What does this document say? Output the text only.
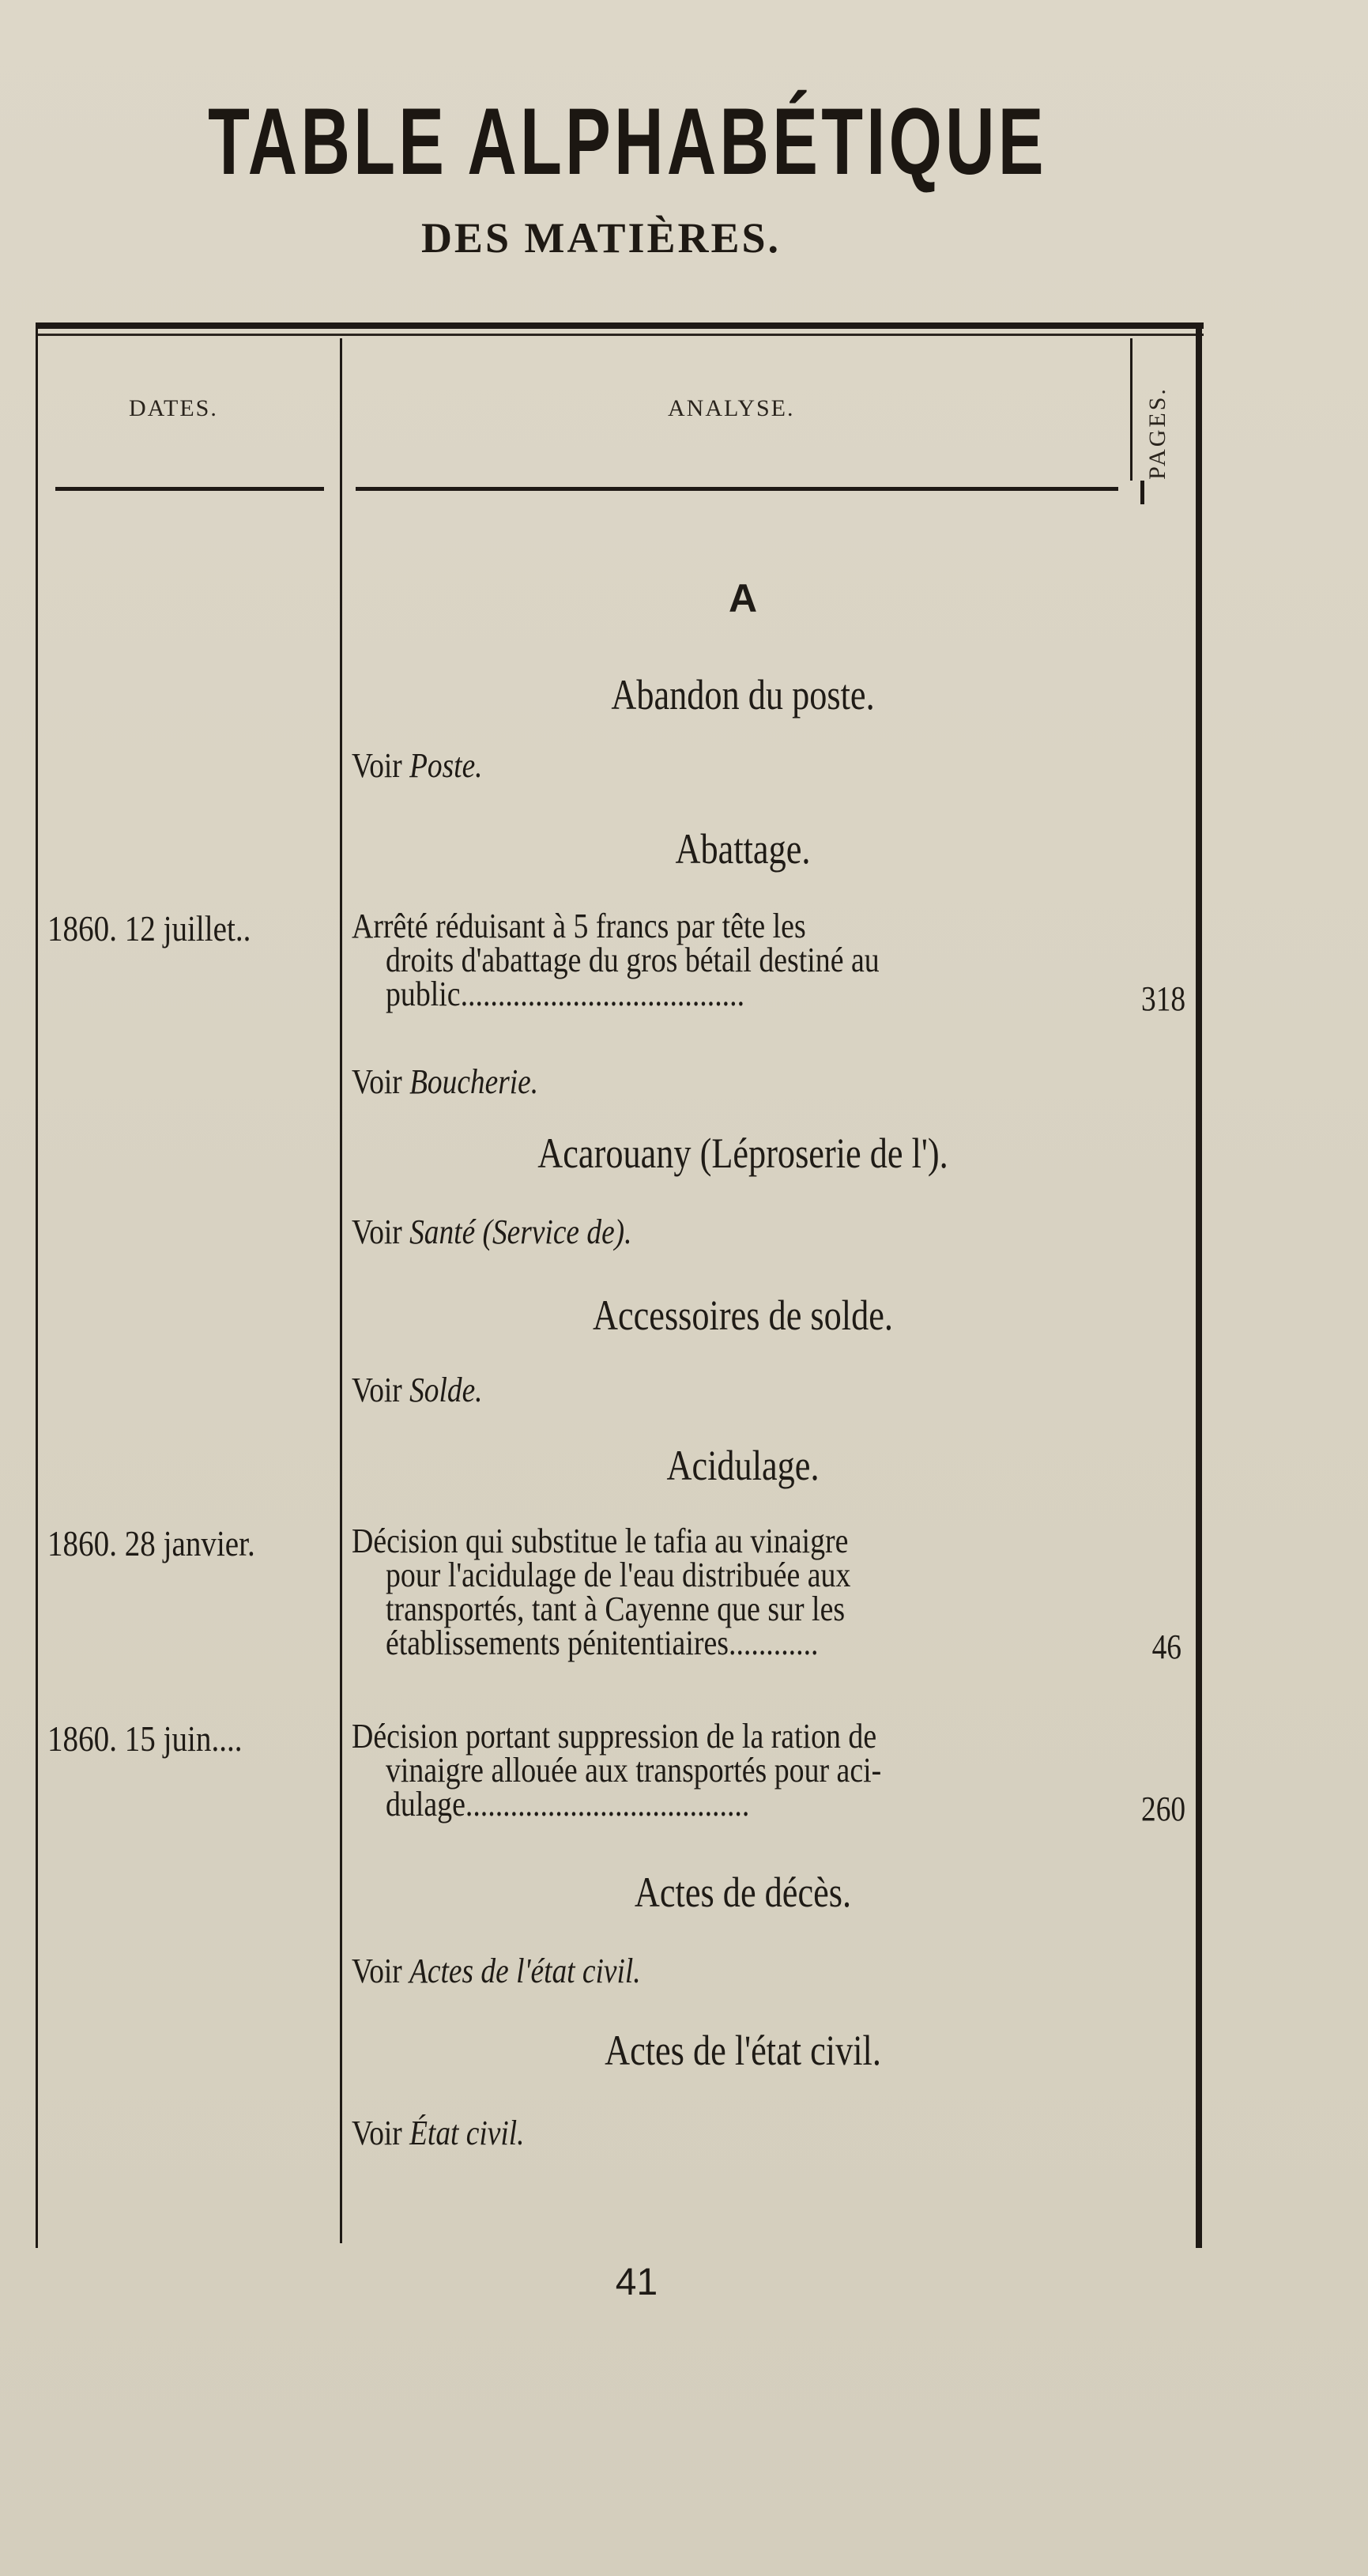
TABLE ALPHABÉTIQUE
DES MATIÈRES.
DATES.	ANALYSE.	PAGES.
A
Abandon du poste.
Voir Poste.
Abattage.
1860. 12 juillet..	Arrêté réduisant à 5 francs par tête les
droits d'abattage du gros bétail destiné au
public......................................	318
Voir Boucherie.
Acarouany (Léproserie de l').
Voir Santé (Service de).
Accessoires de solde.
Voir Solde.
Acidulage.
1860. 28 janvier.	Décision qui substitue le tafia au vinaigre
pour l'acidulage de l'eau distribuée aux
transportés, tant à Cayenne que sur les
établissements pénitentiaires............	46
1860. 15 juin....	Décision portant suppression de la ration de
vinaigre allouée aux transportés pour aci-
dulage......................................	260
Actes de décès.
Voir Actes de l'état civil.
Actes de l'état civil.
Voir État civil.
41
